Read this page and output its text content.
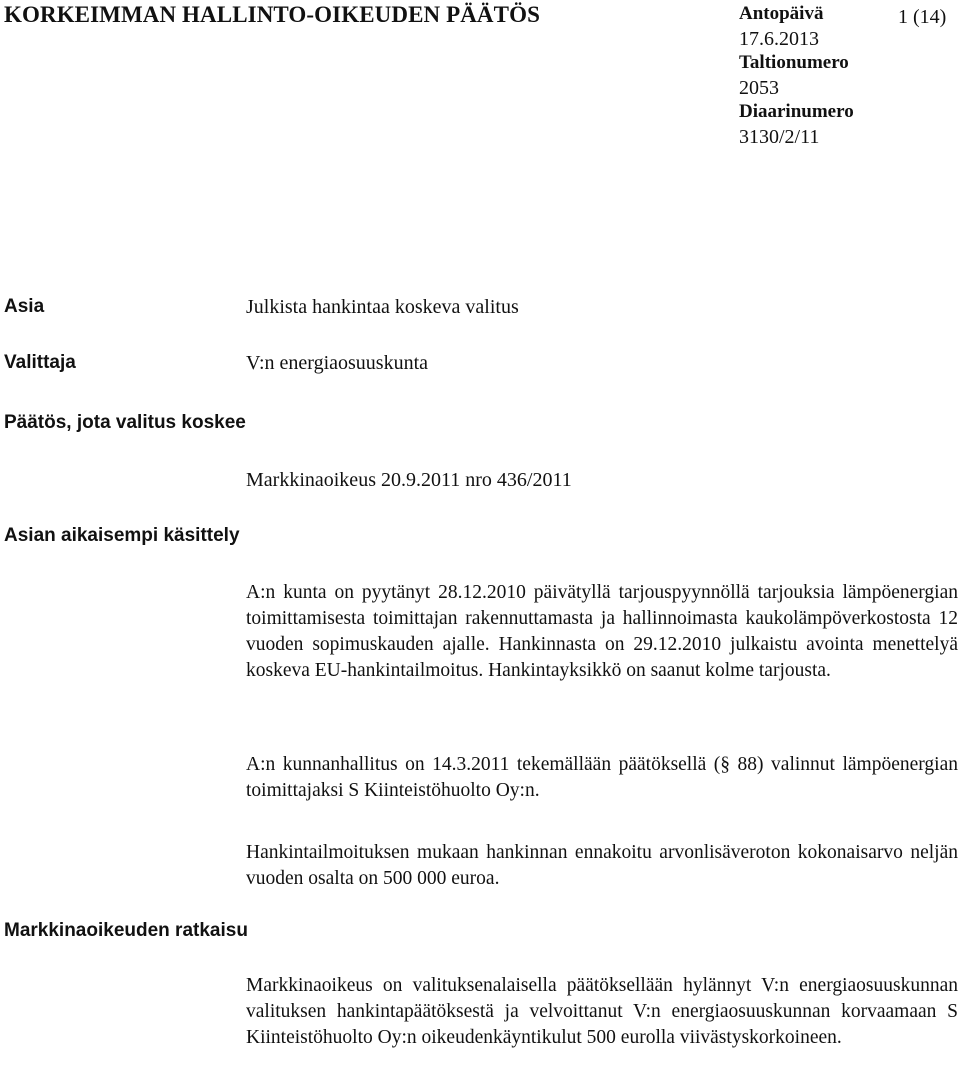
KORKEIMMAN HALLINTO-OIKEUDEN PÄÄTÖS	Antopäivä
17.6.2013
Taltionumero
2053
Diaarinumero
3130/2/11
1 (14)
Asia	Julkista hankintaa koskeva valitus
Valittaja	V:n energiaosuuskunta
Päätös, jota valitus koskee
Markkinaoikeus 20.9.2011 nro 436/2011
Asian aikaisempi käsittely
A:n kunta on pyytänyt 28.12.2010 päivätyllä tarjouspyynnöllä tarjouksia lämpöenergian toimittamisesta toimittajan rakennuttamasta ja hallinnoimasta kaukolämpöverkostosta 12 vuoden sopimuskauden ajalle. Hankinnasta on 29.12.2010 julkaistu avointa menettelyä koskeva EU-hankintailmoitus. Hankintayksikkö on saanut kolme tarjousta.
A:n kunnanhallitus on 14.3.2011 tekemällään päätöksellä (§ 88) valinnut lämpöenergian toimittajaksi S Kiinteistöhuolto Oy:n.
Hankintailmoituksen mukaan hankinnan ennakoitu arvonlisäveroton kokonaisarvo neljän vuoden osalta on 500 000 euroa.
Markkinaoikeuden ratkaisu
Markkinaoikeus on valituksenalaisella päätöksellään hylännyt V:n energiaosuuskunnan valituksen hankintapäätöksestä ja velvoittanut V:n energiaosuuskunnan korvaamaan S Kiinteistöhuolto Oy:n oikeudenkäyntikulut 500 eurolla viivästyskorkoineen.
